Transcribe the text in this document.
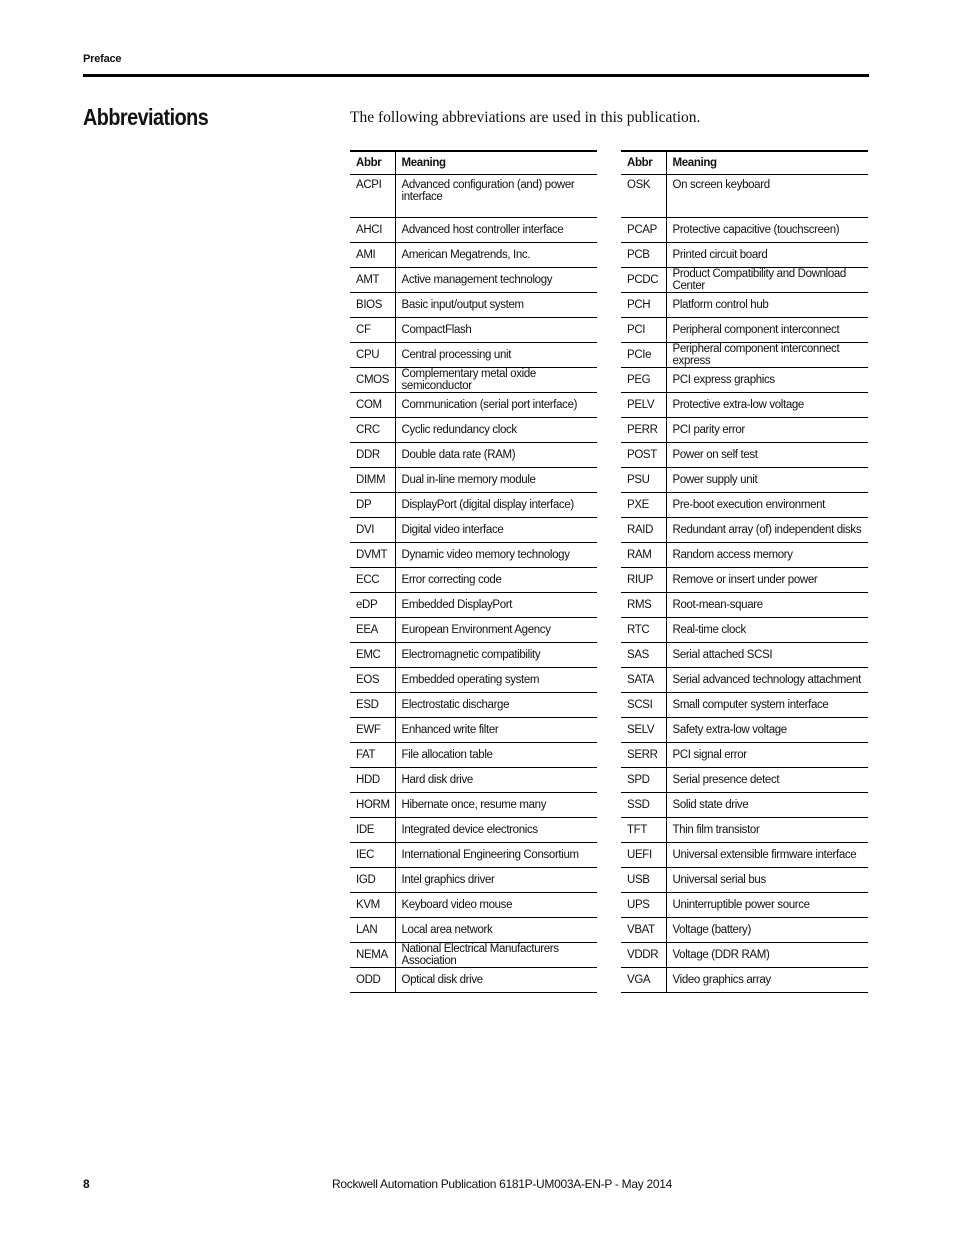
Preface
Abbreviations	The following abbreviations are used in this publication.

Abbr	Meaning
ACPI	Advanced configuration (and) power interface
AHCI	Advanced host controller interface
AMI	American Megatrends, Inc.
AMT	Active management technology
BIOS	Basic input/output system
CF	CompactFlash
CPU	Central processing unit
CMOS	Complementary metal oxide semiconductor
COM	Communication (serial port interface)
CRC	Cyclic redundancy clock
DDR	Double data rate (RAM)
DIMM	Dual in-line memory module
DP	DisplayPort (digital display interface)
DVI	Digital video interface
DVMT	Dynamic video memory technology
ECC	Error correcting code
eDP	Embedded DisplayPort
EEA	European Environment Agency
EMC	Electromagnetic compatibility
EOS	Embedded operating system
ESD	Electrostatic discharge
EWF	Enhanced write filter
FAT	File allocation table
HDD	Hard disk drive
HORM	Hibernate once, resume many
IDE	Integrated device electronics
IEC	International Engineering Consortium
IGD	Intel graphics driver
KVM	Keyboard video mouse
LAN	Local area network
NEMA	National Electrical Manufacturers Association
ODD	Optical disk drive
Abbr	Meaning
OSK	On screen keyboard
PCAP	Protective capacitive (touchscreen)
PCB	Printed circuit board
PCDC	Product Compatibility and Download Center
PCH	Platform control hub
PCI	Peripheral component interconnect
PCIe	Peripheral component interconnect express
PEG	PCI express graphics
PELV	Protective extra-low voltage
PERR	PCI parity error
POST	Power on self test
PSU	Power supply unit
PXE	Pre-boot execution environment
RAID	Redundant array (of) independent disks
RAM	Random access memory
RIUP	Remove or insert under power
RMS	Root-mean-square
RTC	Real-time clock
SAS	Serial attached SCSI
SATA	Serial advanced technology attachment
SCSI	Small computer system interface
SELV	Safety extra-low voltage
SERR	PCI signal error
SPD	Serial presence detect
SSD	Solid state drive
TFT	Thin film transistor
UEFI	Universal extensible firmware interface
USB	Universal serial bus
UPS	Uninterruptible power source
VBAT	Voltage (battery)
VDDR	Voltage (DDR RAM)
VGA	Video graphics array
8	Rockwell Automation Publication 6181P-UM003A-EN-P - May 2014
